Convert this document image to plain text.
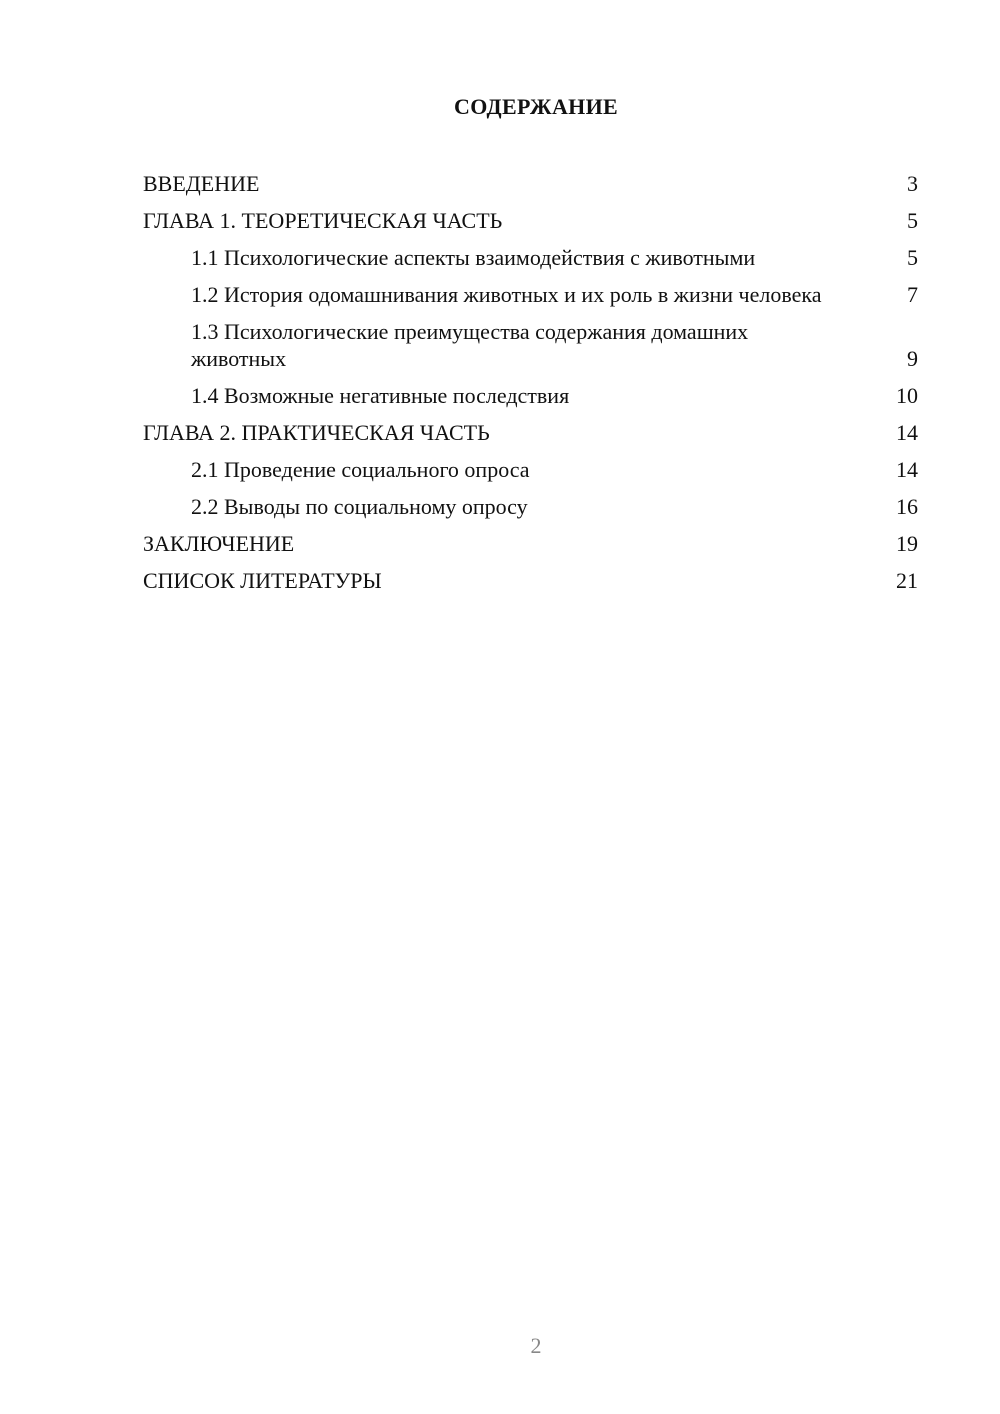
СОДЕРЖАНИЕ
ВВЕДЕНИЕ	3
ГЛАВА 1. ТЕОРЕТИЧЕСКАЯ ЧАСТЬ	5
1.1 Психологические аспекты взаимодействия с животными	5
1.2 История одомашнивания животных и их роль в жизни человека	7
1.3 Психологические преимущества содержания домашних животных	9
1.4 Возможные негативные последствия	10
ГЛАВА 2. ПРАКТИЧЕСКАЯ ЧАСТЬ	14
2.1 Проведение социального опроса	14
2.2 Выводы по социальному опросу	16
ЗАКЛЮЧЕНИЕ	19
СПИСОК ЛИТЕРАТУРЫ	21
2
